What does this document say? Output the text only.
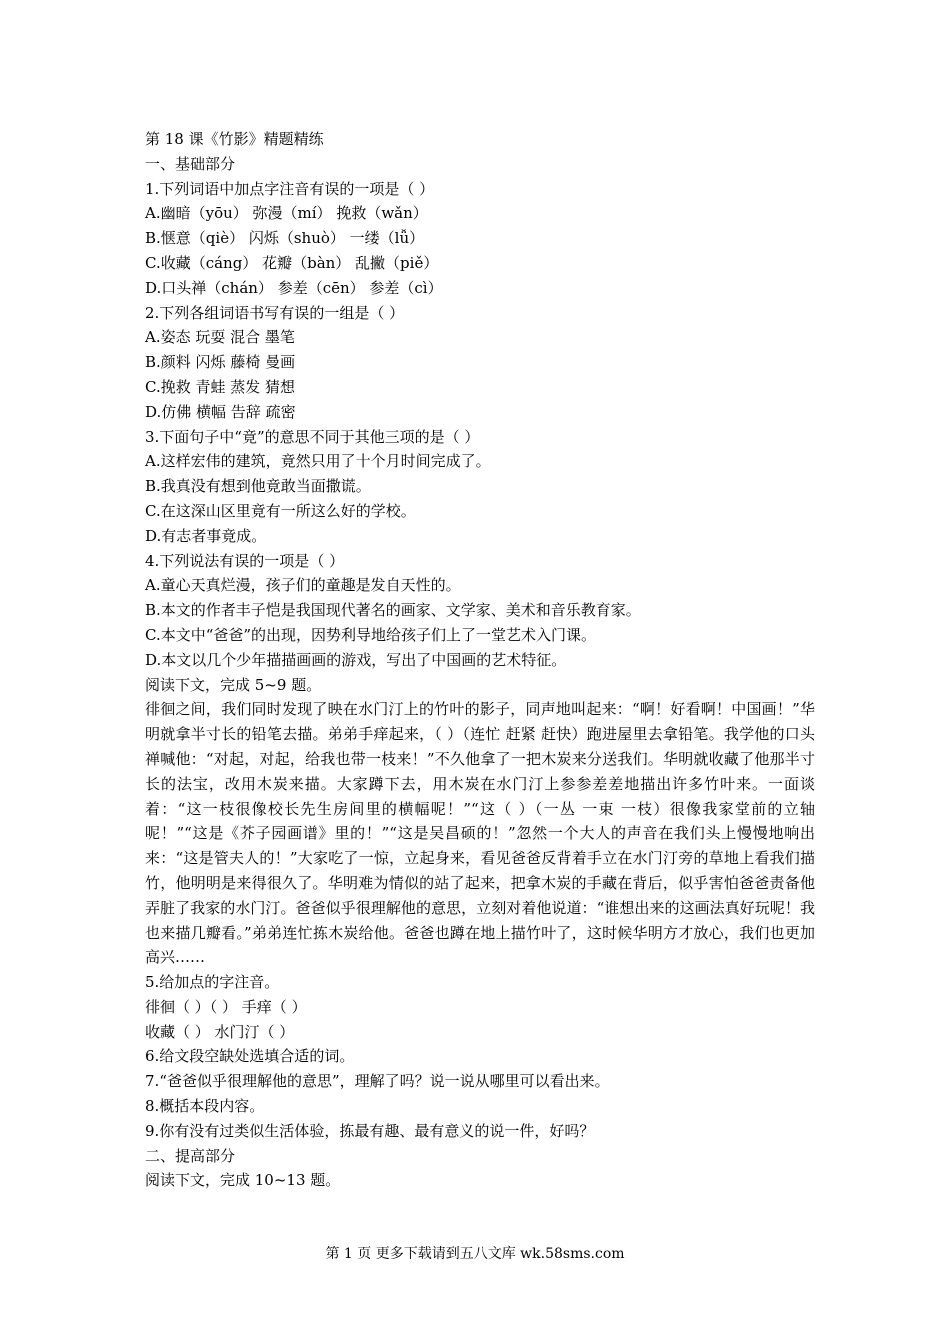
第 18 课《竹影》精题精练
一、基础部分
1.下列词语中加点字注音有误的一项是（ ）
A.幽暗（yōu） 弥漫（mí） 挽救（wǎn）
B.惬意（qiè） 闪烁（shuò） 一缕（lǚ）
C.收藏（cáng） 花瓣（bàn） 乱撇（piě）
D.口头禅（chán） 参差（cēn） 参差（cì）
2.下列各组词语书写有误的一组是（ ）
A.姿态 玩耍 混合 墨笔
B.颜料 闪烁 藤椅 曼画
C.挽救 青蛙 蒸发 猜想
D.仿佛 横幅 告辞 疏密
3.下面句子中“竟”的意思不同于其他三项的是（ ）
A.这样宏伟的建筑，竟然只用了十个月时间完成了。
B.我真没有想到他竟敢当面撒谎。
C.在这深山区里竟有一所这么好的学校。
D.有志者事竟成。
4.下列说法有误的一项是（ ）
A.童心天真烂漫，孩子们的童趣是发自天性的。
B.本文的作者丰子恺是我国现代著名的画家、文学家、美术和音乐教育家。
C.本文中“爸爸”的出现，因势利导地给孩子们上了一堂艺术入门课。
D.本文以几个少年描描画画的游戏，写出了中国画的艺术特征。
阅读下文，完成 5~9 题。

徘徊之间，我们同时发现了映在水门汀上的竹叶的影子，同声地叫起来：“啊！好看啊！中国画！”华明就拿半寸长的铅笔去描。弟弟手痒起来，（ ）（连忙 赶紧 赶快）跑进屋里去拿铅笔。我学他的口头禅喊他：“对起，对起，给我也带一枝来！”不久他拿了一把木炭来分送我们。华明就收藏了他那半寸长的法宝，改用木炭来描。大家蹲下去，用木炭在水门汀上参参差差地描出许多竹叶来。一面谈着：“这一枝很像校长先生房间里的横幅呢！”“这（ ）（一丛 一束 一枝）很像我家堂前的立轴呢！”“这是《芥子园画谱》里的！”“这是吴昌硕的！”忽然一个大人的声音在我们头上慢慢地响出来：“这是管夫人的！”大家吃了一惊，立起身来，看见爸爸反背着手立在水门汀旁的草地上看我们描竹，他明明是来得很久了。华明难为情似的站了起来，把拿木炭的手藏在背后，似乎害怕爸爸责备他弄脏了我家的水门汀。爸爸似乎很理解他的意思，立刻对着他说道：“谁想出来的这画法真好玩呢！我也来描几瓣看。”弟弟连忙拣木炭给他。爸爸也蹲在地上描竹叶了，这时候华明方才放心，我们也更加高兴……

5.给加点的字注音。
徘徊（ ）（ ） 手痒（ ）
收藏（ ） 水门汀（ ）
6.给文段空缺处选填合适的词。
7.“爸爸似乎很理解他的意思”，理解了吗？说一说从哪里可以看出来。
8.概括本段内容。
9.你有没有过类似生活体验，拣最有趣、最有意义的说一件，好吗？
二、提高部分
阅读下文，完成 10~13 题。
第 1 页 更多下载请到五八文库 wk.58sms.com
